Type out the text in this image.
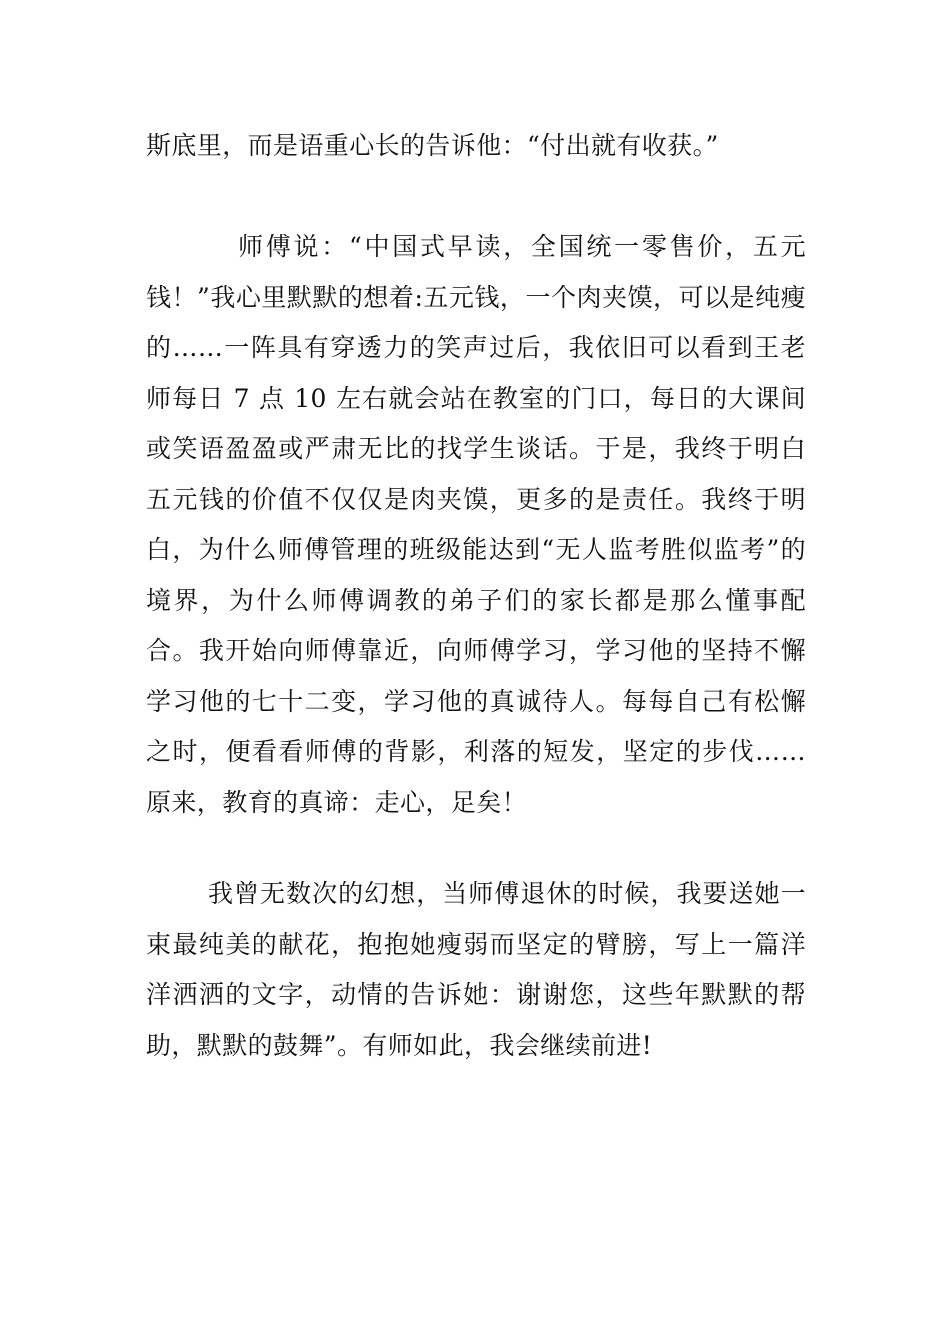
斯底里，而是语重心长的告诉他：“付出就有收获。”

师傅说：“中国式早读，全国统一零售价，五元钱！”我心里默默的想着:五元钱，一个肉夹馍，可以是纯瘦的……一阵具有穿透力的笑声过后，我依旧可以看到王老师每日 7 点 10 左右就会站在教室的门口，每日的大课间或笑语盈盈或严肃无比的找学生谈话。于是，我终于明白五元钱的价值不仅仅是肉夹馍，更多的是责任。我终于明白，为什么师傅管理的班级能达到“无人监考胜似监考”的境界，为什么师傅调教的弟子们的家长都是那么懂事配合。我开始向师傅靠近，向师傅学习，学习他的坚持不懈学习他的七十二变，学习他的真诚待人。每每自己有松懈之时，便看看师傅的背影，利落的短发，坚定的步伐……原来，教育的真谛：走心，足矣！

我曾无数次的幻想，当师傅退休的时候，我要送她一束最纯美的献花，抱抱她瘦弱而坚定的臂膀，写上一篇洋洋洒洒的文字，动情的告诉她：谢谢您，这些年默默的帮助，默默的鼓舞”。有师如此，我会继续前进!
